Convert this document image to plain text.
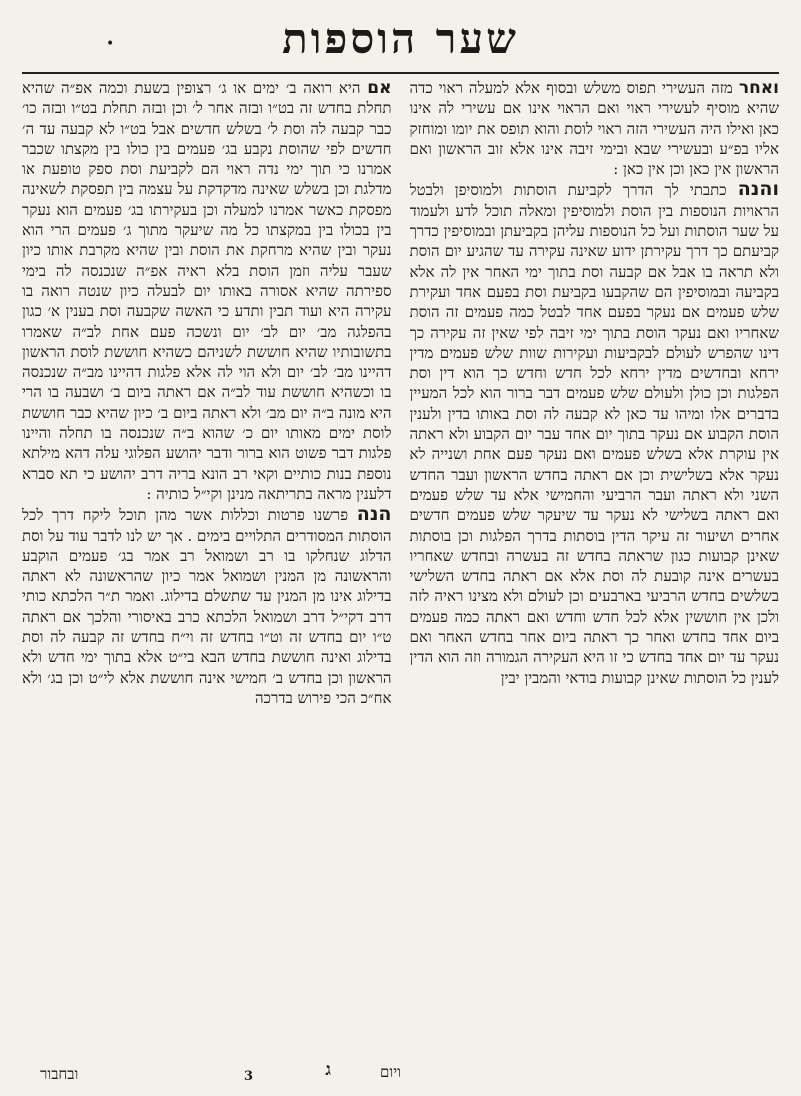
•	שער הוספות

ואחר מזה העשירי תפוס משלש ובסוף אלא למעלה ראוי כדה שהיא מוסיף לעשירי ראוי ואם הראוי אינו אם עשירי לה אינו כאן ואילו היה העשירי הזה ראוי לוסת והוא תופס את יומו ומוחזק אליו בפ״ע ובעשירי שבא ובימי זיבה אינו אלא זוב הראשון ואם הראשון אין כאן וכן אין כאן :

והנה כתבתי לך הדרך לקביעת הוסתות ולמוסיפן ולבטל הראויות הנוספות בין הוסת ולמוסיפין ומאלה תוכל לדע ולעמוד על שער הוסתות ועל כל הנוספות עליהן בקביעתן ובמוסיפין כדרך קביעתם כך דרך עקירתן ידוע שאינה עקירה עד שהגיע יום הוסת ולא תראה בו אבל אם קבעה וסת בתוך ימי האחר אין לה אלא בקביעה ובמוסיפין הם שהקבעו בקביעת וסת בפעם אחד ועקירת שלש פעמים אם נעקר בפעם אחד לבטל כמה פעמים זה הוסת שאחריו ואם נעקר הוסת בתוך ימי זיבה לפי שאין זה עקירה כך דינו שהפרש לעולם לבקביעות ועקירות שוות שלש פעמים מדין ירחא ובחדשים מדין ירחא לכל חדש וחדש כך הוא דין וסת הפלגות וכן כולן ולעולם שלש פעמים דבר ברור הוא לכל המעיין בדברים אלו ומיהו עד כאן לא קבעה לה וסת באותו בדין ולענין הוסת הקבוע אם נעקר בתוך יום אחד עבר יום הקבוע ולא ראתה אין עוקרת אלא בשלש פעמים ואם נעקר פעם אחת ושנייה לא נעקר אלא בשלישית וכן אם ראתה בחדש הראשון ועבר החדש השני ולא ראתה ועבר הרביעי והחמישי אלא עד שלש פעמים ואם ראתה בשלישי לא נעקר עד שיעקר שלש פעמים חדשים אחרים ושיעור זה עיקר הדין בוסתות בדרך הפלגות וכן בוסתות שאינן קבועות כגון שראתה בחדש זה בעשרה ובחדש שאחריו בעשרים אינה קובעת לה וסת אלא אם ראתה בחדש השלישי בשלשים בחדש הרביעי בארבעים וכן לעולם ולא מצינו ראיה לזה ולכן אין חוששין אלא לכל חדש וחדש ואם ראתה כמה פעמים ביום אחד בחדש ואחר כך ראתה ביום אחר בחדש האחר ואם נעקר עד יום אחד בחדש כי זו היא העקירה הגמורה וזה הוא הדין לענין כל הוסתות שאינן קבועות בודאי והמבין יבין

אם היא רואה ב׳ ימים או ג׳ רצופין בשעת וכמה אפ״ה שהיא תחלת בחדש זה בט״ו ובזה אחר ל׳ וכן ובזה תחלת בט״ו ובזה כו׳ כבר קבעה לה וסת ל׳ בשלש חדשים אבל בט״ו לא קבעה עד ה׳ חדשים לפי שהוסת נקבע בג׳ פעמים בין כולו בין מקצתו שכבר אמרנו כי תוך ימי נדה ראוי הם לקביעת וסת ספק טופעת או מדלגת וכן בשלש שאינה מדקדקת על עצמה בין תפסקת לשאינה מפסקת כאשר אמרנו למעלה וכן בעקירתו בג׳ פעמים הוא נעקר בין בכולו בין במקצתו כל מה שיעקר מתוך ג׳ פעמים הרי הוא נעקר ובין שהיא מרחקת את הוסת ובין שהיא מקרבת אותו כיון שעבר עליה וזמן הוסת בלא ראיה אפ״ה שנכנסה לה בימי ספירתה שהיא אסורה באותו יום לבעלה כיון שנטה רואה בו עקירה היא ועוד תבין ותדע כי האשה שקבעה וסת בענין א׳ כגון בהפלגה מב׳ יום לב׳ יום ונשכה פעם אחת לב״ה שאמרו בתשובותיו שהיא חוששת לשניהם כשהיא חוששת לוסת הראשון דהיינו מב׳ לב׳ יום ולא הוי לה אלא פלגות דהיינו מב״ה שנכנסה בו וכשהיא חוששת עוד לב״ה אם ראתה ביום ב׳ ושבעה בו הרי היא מונה ב״ה יום מב׳ ולא ראתה ביום ב׳ כיון שהיא כבר חוששת לוסת ימים מאותו יום כ׳ שהוא ב״ה שנכנסה בו תחלה והיינו פלגות דבר פשוט הוא ברור ודבר יהושע הפלוגי עלה דהא מילתא נוספת בנות כותיים וקאי רב הונא בריה דרב יהושע כי תא סברא דלענין מראה בתריתאה מנינן וקי״ל כותיה :

הנה פרשנו פרטות וכללות אשר מהן תוכל ליקח דרך לכל הוסתות המסודרים התלויים בימים . אך יש לנו לדבר עוד על וסת הדלוג שנחלקו בו רב ושמואל רב אמר בג׳ פעמים הוקבע והראשונה מן המנין ושמואל אמר כיון שהראשונה לא ראתה בדילוג אינו מן המנין עד שתשלם בדילוג. ואמר ת״ר הלכתא כותי דרב דקי״ל דרב ושמואל הלכתא כרב באיסורי והלכך אם ראתה ט״ו יום בחדש זה וט״ו בחדש זה וי״ח בחדש זה קבעה לה וסת בדילוג ואינה חוששת בחדש הבא בי״ט אלא בתוך ימי חדש ולא הראשון וכן בחדש ב׳ חמישי אינה חוששת אלא לי״ט וכן בג׳ ולא אח״כ הכי פירוש בדרכה

ובחבור	3	ג	ויום
